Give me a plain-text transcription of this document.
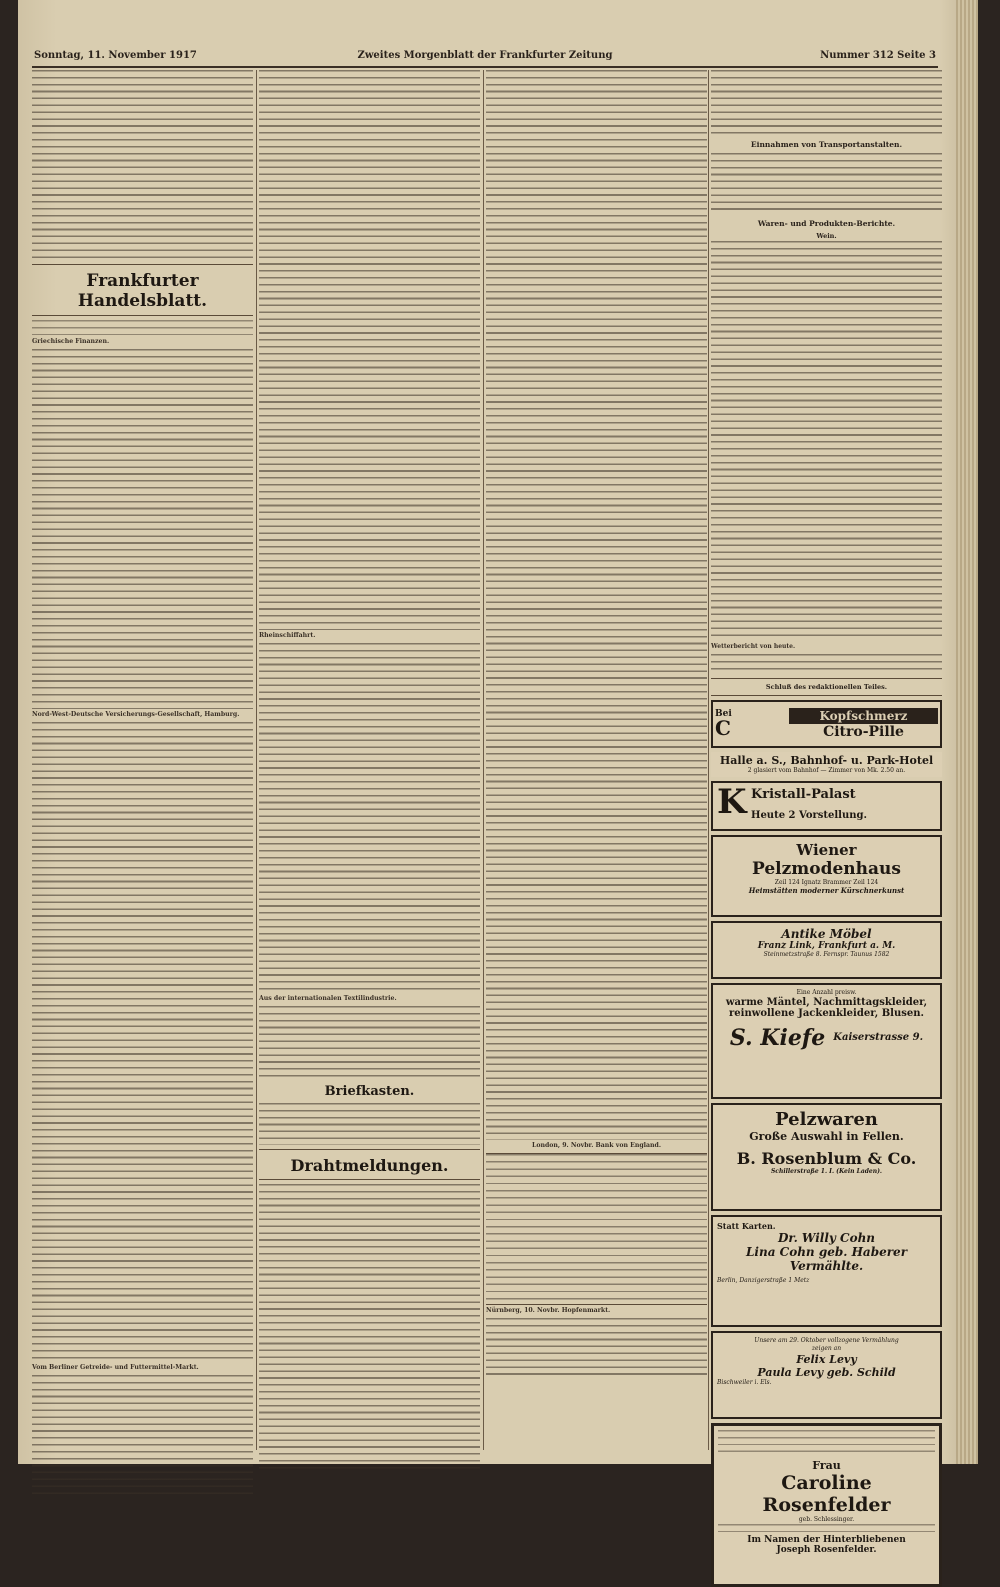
Sonntag, 11. November 1917	Zweites Morgenblatt der Frankfurter Zeitung	Nummer 312 Seite 3
Frankfurter Handelsblatt.
Griechische Finanzen.
Nord-West-Deutsche Versicherungs-Gesellschaft, Hamburg.
Vom Berliner Getreide- und Futtermittel-Markt.
Rheinschiffahrt.
Aus der internationalen Textilindustrie.
Briefkasten.
Drahtmeldungen.
London, 9. Novbr. Bank von England.
Nürnberg, 10. Novbr. Hopfenmarkt.
Einnahmen von Transportanstalten.
Waren- und Produkten-Berichte.
Wein.
Wetterbericht von heute.
Schluß des redaktionellen Teiles.
Bei
C	Kopfschmerz
Citro-Pille
Halle a. S., Bahnhof- u. Park-Hotel
2 glasiert vom Bahnhof — Zimmer von Mk. 2.50 an.
K Kristall-Palast
Heute 2 Vorstellung.
Wiener
Pelzmodenhaus
Zeil 124 Ignatz Brammer Zeil 124
Heimstätten moderner Kürschnerkunst
Antike Möbel
Franz Link, Frankfurt a. M.
Steinmetzstraße 8. Fernspr. Taunus 1582
Eine Anzahl preisw.
warme Mäntel, Nachmittagskleider,
reinwollene Jackenkleider, Blusen.
S. Kiefe Kaiserstrasse 9.
Pelzwaren
Große Auswahl in Fellen.
B. Rosenblum & Co.
Schillerstraße 1. I. (Kein Laden).
Statt Karten.
Dr. Willy Cohn
Lina Cohn geb. Haberer
Vermählte.
Berlin, Danzigerstraße 1 Metz
Unsere am 29. Oktober vollzogene Vermählung
zeigen an
Felix Levy
Paula Levy geb. Schild
Bischweiler i. Els.
Frau
Caroline Rosenfelder
geb. Schlessinger.
Im Namen der Hinterbliebenen
Joseph Rosenfelder.
